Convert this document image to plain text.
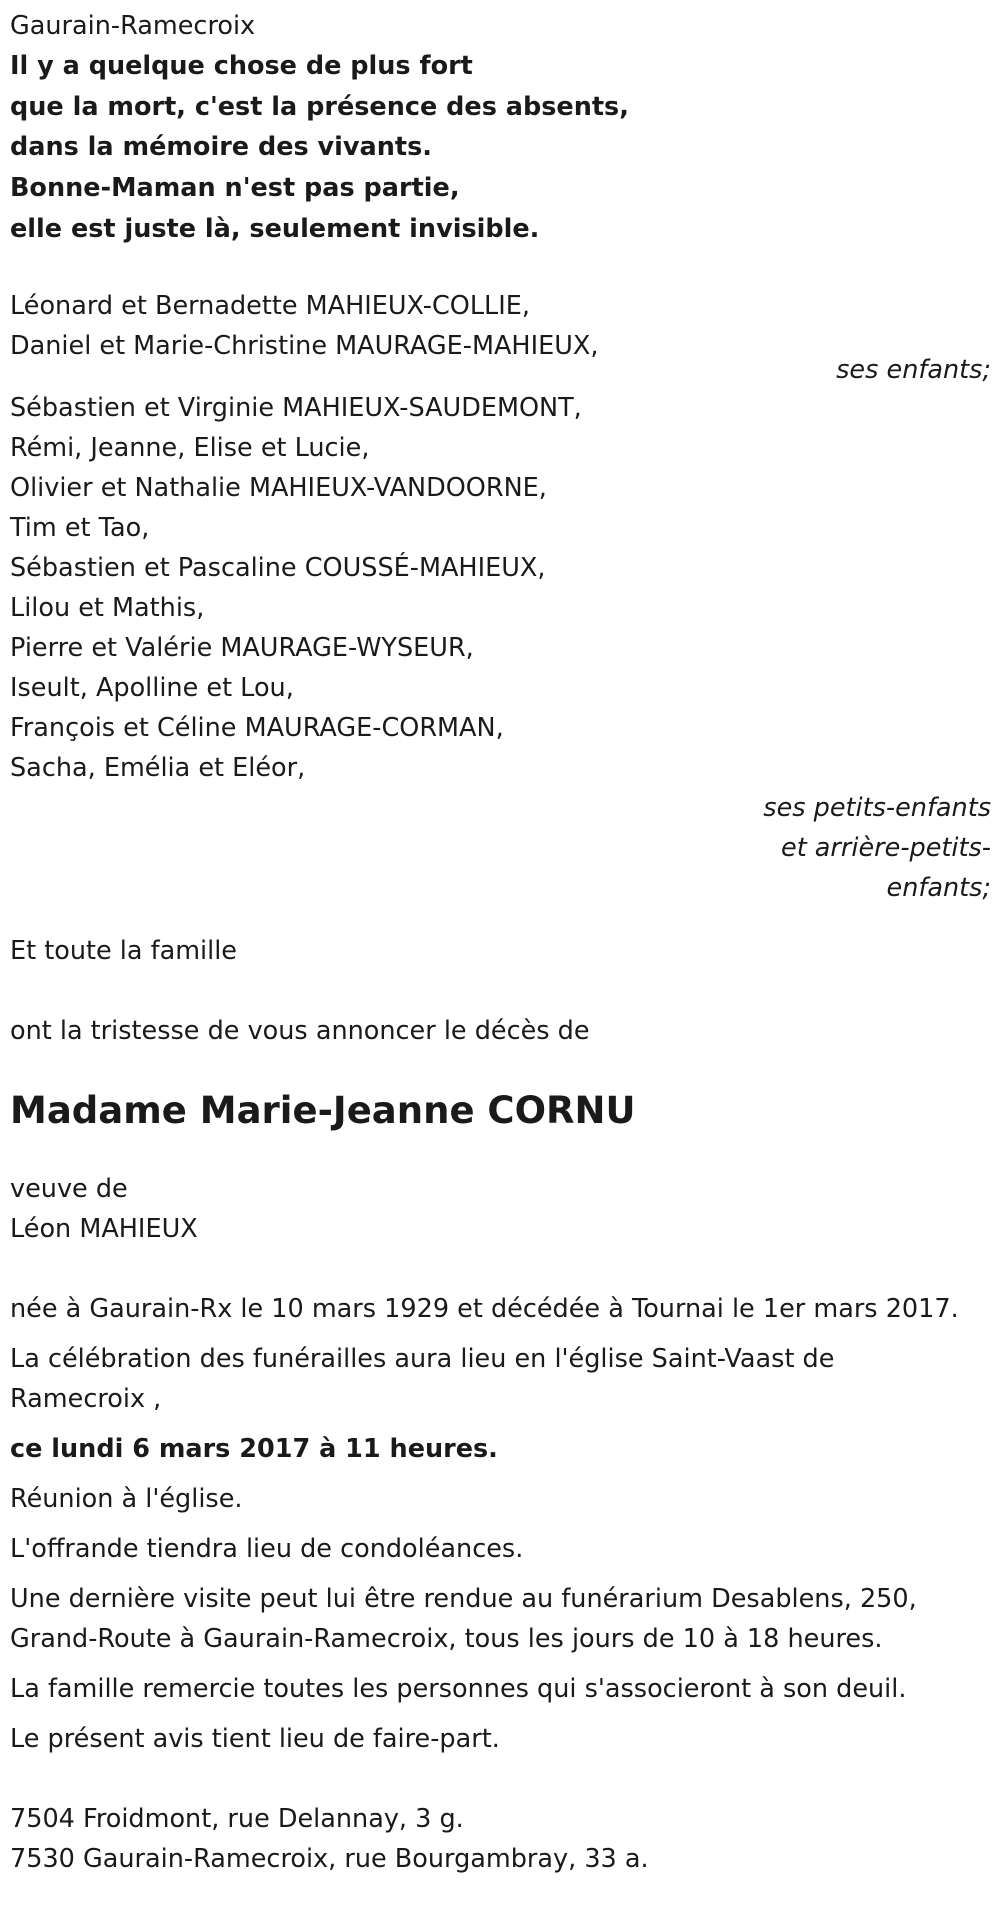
Gaurain-Ramecroix
Il y a quelque chose de plus fort
que la mort, c'est la présence des absents,
dans la mémoire des vivants.
Bonne-Maman n'est pas partie,
elle est juste là, seulement invisible.
Léonard et Bernadette MAHIEUX-COLLIE,
Daniel et Marie-Christine MAURAGE-MAHIEUX,
ses enfants;
Sébastien et Virginie MAHIEUX-SAUDEMONT,
Rémi, Jeanne, Elise et Lucie,
Olivier et Nathalie MAHIEUX-VANDOORNE,
Tim et Tao,
Sébastien et Pascaline COUSSÉ-MAHIEUX,
Lilou et Mathis,
Pierre et Valérie MAURAGE-WYSEUR,
Iseult, Apolline et Lou,
François et Céline MAURAGE-CORMAN,
Sacha, Emélia et Eléor,
ses petits-enfants
et arrière-petits-
enfants;
Et toute la famille
ont la tristesse de vous annoncer le décès de
Madame Marie-Jeanne CORNU
veuve de
Léon MAHIEUX
née à Gaurain-Rx le 10 mars 1929 et décédée à Tournai le 1er mars 2017.
La célébration des funérailles aura lieu en l'église Saint-Vaast de
Ramecroix ,
ce lundi 6 mars 2017 à 11 heures.
Réunion à l'église.
L'offrande tiendra lieu de condoléances.
Une dernière visite peut lui être rendue au funérarium Desablens, 250,
Grand-Route à Gaurain-Ramecroix, tous les jours de 10 à 18 heures.
La famille remercie toutes les personnes qui s'associeront à son deuil.
Le présent avis tient lieu de faire-part.
7504 Froidmont, rue Delannay, 3 g.
7530 Gaurain-Ramecroix, rue Bourgambray, 33 a.
